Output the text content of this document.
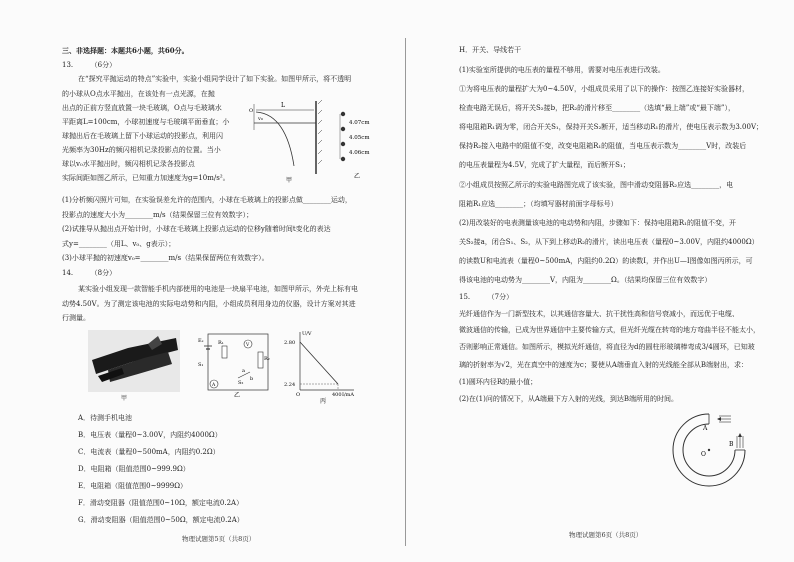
三、非选择题：本题共6小题，共60分。
13.　　　（6分）
在“探究平抛运动的特点”实验中，实验小组同学设计了如下实验。如图甲所示，将不透明
的小球从O点水平抛出，在该处有一点光源，在抛
出点的正前方竖直放置一块毛玻璃，O点与毛玻璃水
平距离L=100cm，小球初速度与毛玻璃平面垂直；小
球抛出后在毛玻璃上留下小球运动的投影点，利用闪
光频率为30Hz的频闪相机记录投影点的位置。当小
球以v₀水平抛出时，频闪相机记录各投影点
实际间距如图乙所示，已知重力加速度为g=10m/s²。
L
O
v₀
甲
4.07cm
4.05cm
4.06cm
乙
(1)分析频闪照片可知，在实验误差允许的范围内，小球在毛玻璃上的投影点做________运动，
投影点的速度大小为________m/s（结果保留三位有效数字）；
(2)试推导从抛出点开始计时，小球在毛玻璃上投影点运动的位移y随着时间t变化的表达
式y=________（用L、v₀、g表示）；
(3)小球平抛的初速度v₀=________m/s（结果保留两位有效数字）。
14.　　　（8分）
某实验小组发现一款智能手机内部使用的电池是一块扇平电池，如图甲所示，外壳上标有电
动势4.50V。为了测定该电池的实际电动势和内阻，小组成员利用身边的仪器，设计方案对其进
行测量。
甲
Eₓ	R₁	V
R₂
S₁
A	S₂
a
b
乙
U/V
2.80
2.24
O	400 I/mA
丙
A．待测手机电池
B．电压表（量程0~3.00V，内阻约4000Ω）
C．电流表（量程0~500mA，内阻约0.2Ω）
D．电阻箱（阻值范围0~999.9Ω）
E．电阻箱（阻值范围0~9999Ω）
F．滑动变阻器（阻值范围0~10Ω，额定电流0.2A）
G．滑动变阻器（阻值范围0~50Ω，额定电流0.2A）
物理试题第5页（共8页）
H．开关、导线若干
(1)实验室所提供的电压表的量程不够用，需要对电压表进行改装。
①为将电压表的量程扩大为0~4.50V，小组成员采用了以下的操作：按图乙连接好实验器材，
检查电路无误后，将开关S₂接b，把R₂的滑片移至________（选填“最上端”或“最下端”），
将电阻箱R₁调为零，闭合开关S₁，保持开关S₂断开，适当移动R₁的滑片，使电压表示数为3.00V；
保持R₂接入电路中的阻值不变，改变电阻箱R₁的阻值，当电压表示数为________V时，改装后
的电压表量程为4.5V，完成了扩大量程，而后断开S₁；
②小组成员按照乙所示的实验电路图完成了该实验，图中滑动变阻器R₂应选________，电
阻箱R₁应选________；（均填写器材前面字母标号）
(2)用改装好的电表测量该电池的电动势和内阻，步骤如下：保持电阻箱R₁的阻值不变，开
关S₂接a，闭合S₁、S₂，从下到上移动R₂的滑片，读出电压表（量程0~3.00V，内阻约4000Ω）
的读数U和电流表（量程0~500mA，内阻约0.2Ω）的读数I，并作出U—I图像如图丙所示，可
得该电池的电动势为________V，内阻为________Ω。（结果均保留三位有效数字）
15.　　　（7分）
光纤通信作为一门新型技术，以其通信容量大、抗干扰性高和信号衰减小，而远优于电缆、
微波通信的传输，已成为世界通信中主要传输方式，但光纤光缆在转弯的地方弯曲半径不能太小，
否则影响正常通信。如图所示，模拟光纤通信，将直径为d的圆柱形玻璃棒弯成3/4圆环，已知玻
璃的折射率为√2，光在真空中的速度为c；要使从A端垂直入射的光线能全部从B端射出，求：
(1)圆环内径R的最小值；
(2)在(1)问的情况下，从A端最下方入射的光线，到达B端所用的时间。
A
B
O
物理试题第6页（共8页）
